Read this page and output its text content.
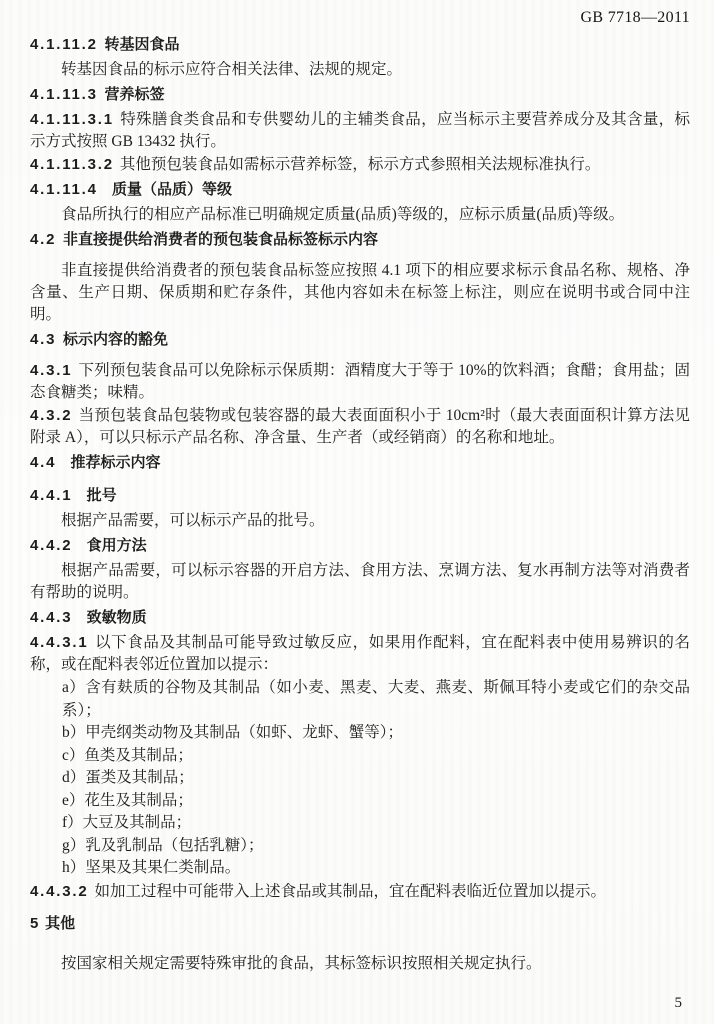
GB 7718—2011
4.1.11.2 转基因食品
转基因食品的标示应符合相关法律、法规的规定。
4.1.11.3 营养标签
4.1.11.3.1 特殊膳食类食品和专供婴幼儿的主辅类食品，应当标示主要营养成分及其含量，标示方式按照 GB 13432 执行。
4.1.11.3.2 其他预包装食品如需标示营养标签，标示方式参照相关法规标准执行。
4.1.11.4 质量（品质）等级
食品所执行的相应产品标准已明确规定质量(品质)等级的，应标示质量(品质)等级。
4.2 非直接提供给消费者的预包装食品标签标示内容
非直接提供给消费者的预包装食品标签应按照 4.1 项下的相应要求标示食品名称、规格、净含量、生产日期、保质期和贮存条件，其他内容如未在标签上标注，则应在说明书或合同中注明。
4.3 标示内容的豁免
4.3.1 下列预包装食品可以免除标示保质期：酒精度大于等于 10%的饮料酒；食醋；食用盐；固态食糖类；味精。
4.3.2 当预包装食品包装物或包装容器的最大表面面积小于 10cm²时（最大表面面积计算方法见附录 A），可以只标示产品名称、净含量、生产者（或经销商）的名称和地址。
4.4 推荐标示内容
4.4.1 批号
根据产品需要，可以标示产品的批号。
4.4.2 食用方法
根据产品需要，可以标示容器的开启方法、食用方法、烹调方法、复水再制方法等对消费者有帮助的说明。
4.4.3 致敏物质
4.4.3.1 以下食品及其制品可能导致过敏反应，如果用作配料，宜在配料表中使用易辨识的名称，或在配料表邻近位置加以提示：
a）含有麸质的谷物及其制品（如小麦、黑麦、大麦、燕麦、斯佩耳特小麦或它们的杂交品系）；
b）甲壳纲类动物及其制品（如虾、龙虾、蟹等）；
c）鱼类及其制品；
d）蛋类及其制品；
e）花生及其制品；
f）大豆及其制品；
g）乳及乳制品（包括乳糖）；
h）坚果及其果仁类制品。
4.4.3.2 如加工过程中可能带入上述食品或其制品，宜在配料表临近位置加以提示。
5 其他
按国家相关规定需要特殊审批的食品，其标签标识按照相关规定执行。
5
